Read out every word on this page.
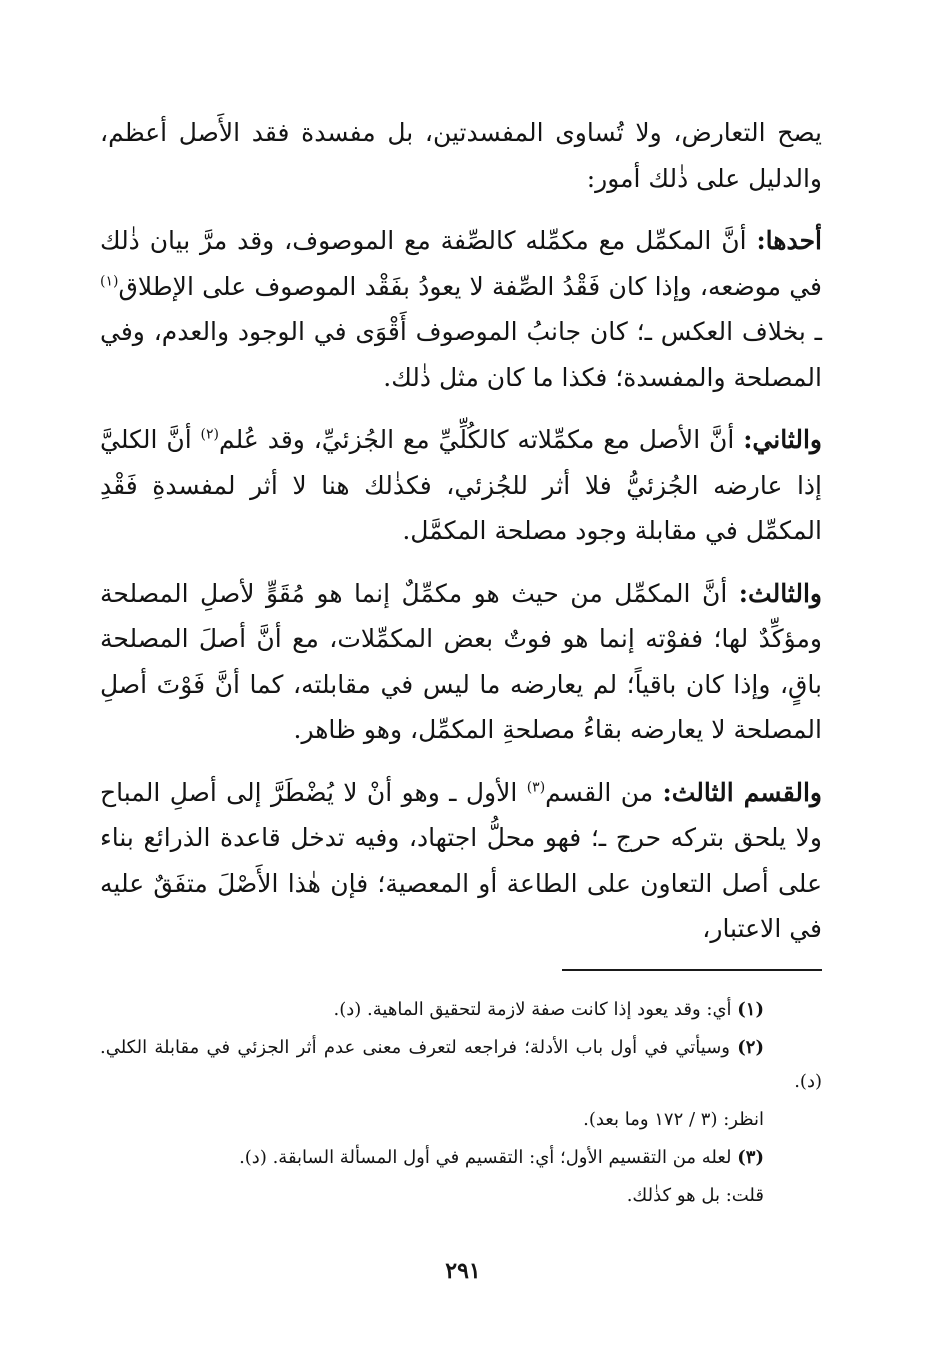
يصح التعارض، ولا تُساوى المفسدتين، بل مفسدة فقد الأَصل أعظم، والدليل على ذٰلك أمور:

أحدها: أنَّ المكمِّل مع مكمِّله كالصِّفة مع الموصوف، وقد مرَّ بيان ذٰلك في موضعه، وإذا كان فَقْدُ الصِّفة لا يعودُ بفَقْد الموصوف على الإطلاق$^{(١)}$ ـ بخلاف العكس ـ؛ كان جانبُ الموصوف أَقْوَى في الوجود والعدم، وفي المصلحة والمفسدة؛ فكذا ما كان مثل ذٰلك.

والثاني: أنَّ الأصل مع مكمِّلاته كالكُلِّيِّ مع الجُزئيِّ، وقد عُلم$^{(٢)}$ أنَّ الكليَّ إذا عارضه الجُزئيُّ فلا أثر للجُزئي، فكذٰلك هنا لا أثر لمفسدةِ فَقْدِ المكمِّل في مقابلة وجود مصلحة المكمَّل.

والثالث: أنَّ المكمِّل من حيث هو مكمِّلٌ إنما هو مُقَوٍّ لأصلِ المصلحة ومؤكِّدٌ لها؛ ففوْته إنما هو فوتٌ بعض المكمِّلات، مع أنَّ أصلَ المصلحة باقٍ، وإذا كان باقياً؛ لم يعارضه ما ليس في مقابلته، كما أنَّ فَوْتَ أصلِ المصلحة لا يعارضه بقاءُ مصلحةِ المكمِّل، وهو ظاهر.

والقسم الثالث: من القسم$^{(٣)}$ الأول ـ وهو أنْ لا يُضْطَرَّ إلى أصلِ المباح ولا يلحق بتركه حرج ـ؛ فهو محلُّ اجتهاد، وفيه تدخل قاعدة الذرائع بناء على أصل التعاون على الطاعة أو المعصية؛ فإن هٰذا الأَصْلَ متفَقٌ عليه في الاعتبار،

(١) أي: وقد يعود إذا كانت صفة لازمة لتحقيق الماهية. (د).

(٢) وسيأتي في أول باب الأدلة؛ فراجعه لتعرف معنى عدم أثر الجزئي في مقابلة الكلي. (د).

انظر: (٣ / ١٧٢ وما بعد).

(٣) لعله من التقسيم الأول؛ أي: التقسيم في أول المسألة السابقة. (د).

قلت: بل هو كذٰلك.

٢٩١
